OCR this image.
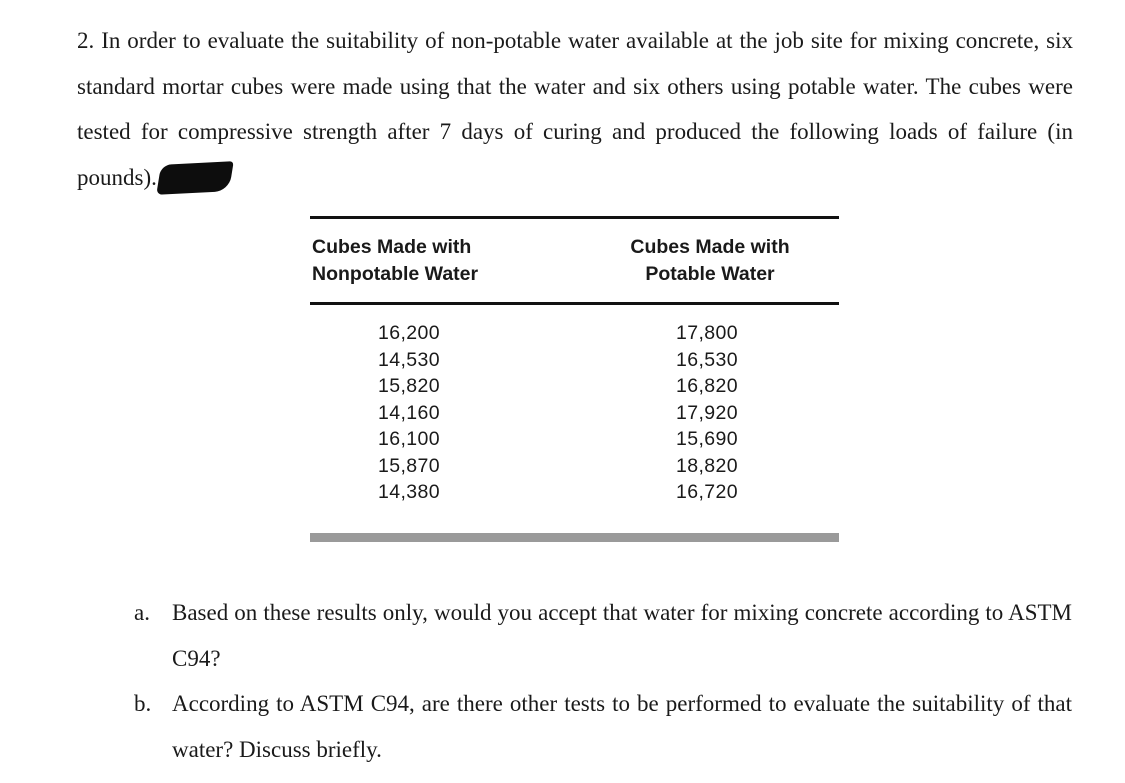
2. In order to evaluate the suitability of non-potable water available at the job site for mixing concrete, six standard mortar cubes were made using that the water and six others using potable water. The cubes were tested for compressive strength after 7 days of curing and produced the following loads of failure (in pounds).
Cubes Made with
Nonpotable Water
Cubes Made with
Potable Water
16,200
14,530
15,820
14,160
16,100
15,870
14,380
17,800
16,530
16,820
17,920
15,690
18,820
16,720
a. Based on these results only, would you accept that water for mixing concrete according to ASTM C94?
b. According to ASTM C94, are there other tests to be performed to evaluate the suitability of that water? Discuss briefly.
